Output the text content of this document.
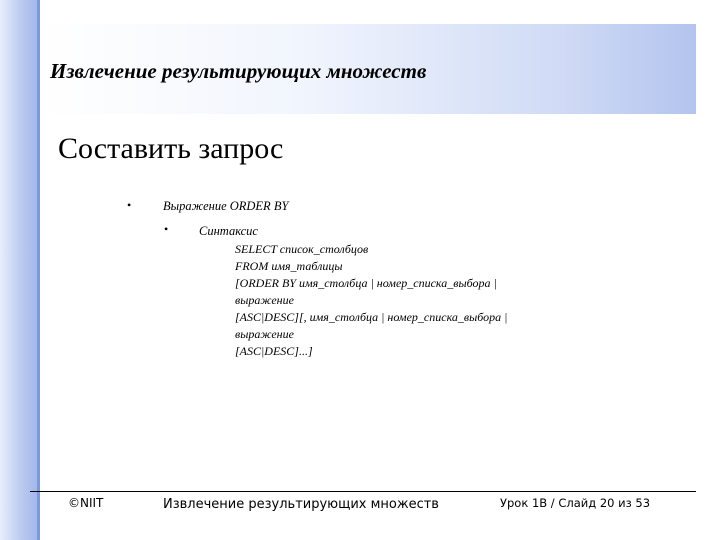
Извлечение результирующих множеств
Составить запрос
•	Выражение ORDER BY
• Синтаксис
SELECT список_столбцов
FROM имя_таблицы
[ORDER BY имя_столбца | номер_списка_выбора |
выражение
[ASC|DESC][, имя_столбца | номер_списка_выбора |
выражение
[ASC|DESC]...]
©NIIT	Извлечение результирующих множеств	Урок 1В / Слайд 20 из 53
